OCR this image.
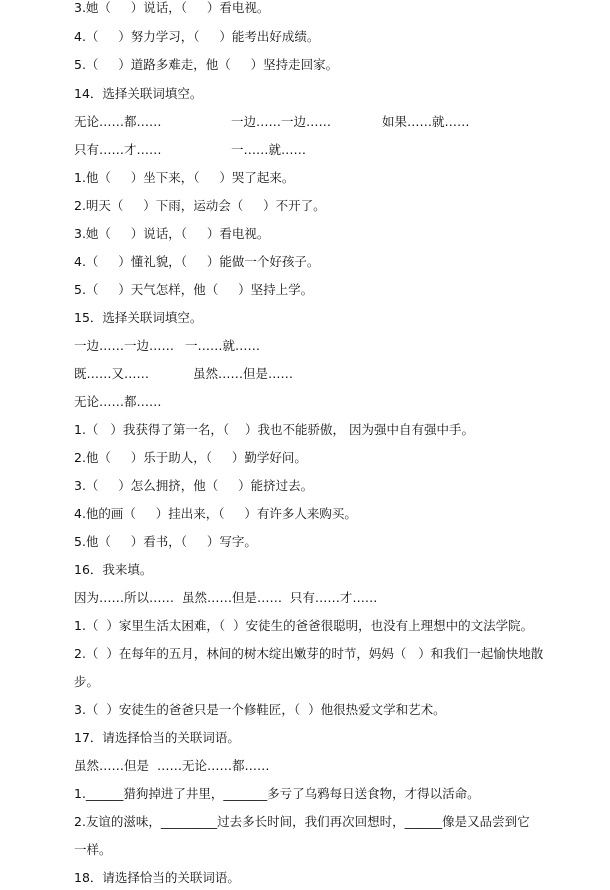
3.她（     ）说话，（     ）看电视。
4.（     ）努力学习，（     ）能考出好成绩。
5.（     ）道路多难走，他（     ）坚持走回家。
14．选择关联词填空。
无论……都……	一边……一边……	如果……就……
只有……才……	一……就……
1.他（     ）坐下来，（     ）哭了起来。
2.明天（     ）下雨，运动会（     ）不开了。
3.她（     ）说话，（     ）看电视。
4.（     ）懂礼貌，（     ）能做一个好孩子。
5.（     ）天气怎样，他（     ）坚持上学。
15．选择关联词填空。
一边……一边…… 一……就……
既……又……	虽然……但是……
无论……都……
1.（   ）我获得了第一名，（    ）我也不能骄傲， 因为强中自有强中手。
2.他（     ）乐于助人，（     ）勤学好问。
3.（     ）怎么拥挤，他（     ）能挤过去。
4.他的画（     ）挂出来，（     ）有许多人来购买。
5.他（     ）看书，（     ）写字。
16．我来填。
因为……所以……  虽然……但是……  只有……才……
1.（  ）家里生活太困难，（  ）安徒生的爸爸很聪明，也没有上理想中的文法学院。
2.（  ）在每年的五月，林间的树木绽出嫩芽的时节，妈妈（   ）和我们一起愉快地散
步。
3.（  ）安徒生的爸爸只是一个修鞋匠，（  ）他很热爱文学和艺术。
17．请选择恰当的关联词语。
虽然……但是  ……无论……都……
1.______猎狗掉进了井里，_______多亏了乌鸦每日送食物，才得以活命。
2.友谊的滋味，_________过去多长时间，我们再次回想时，______像是又品尝到它
一样。
18．请选择恰当的关联词语。
